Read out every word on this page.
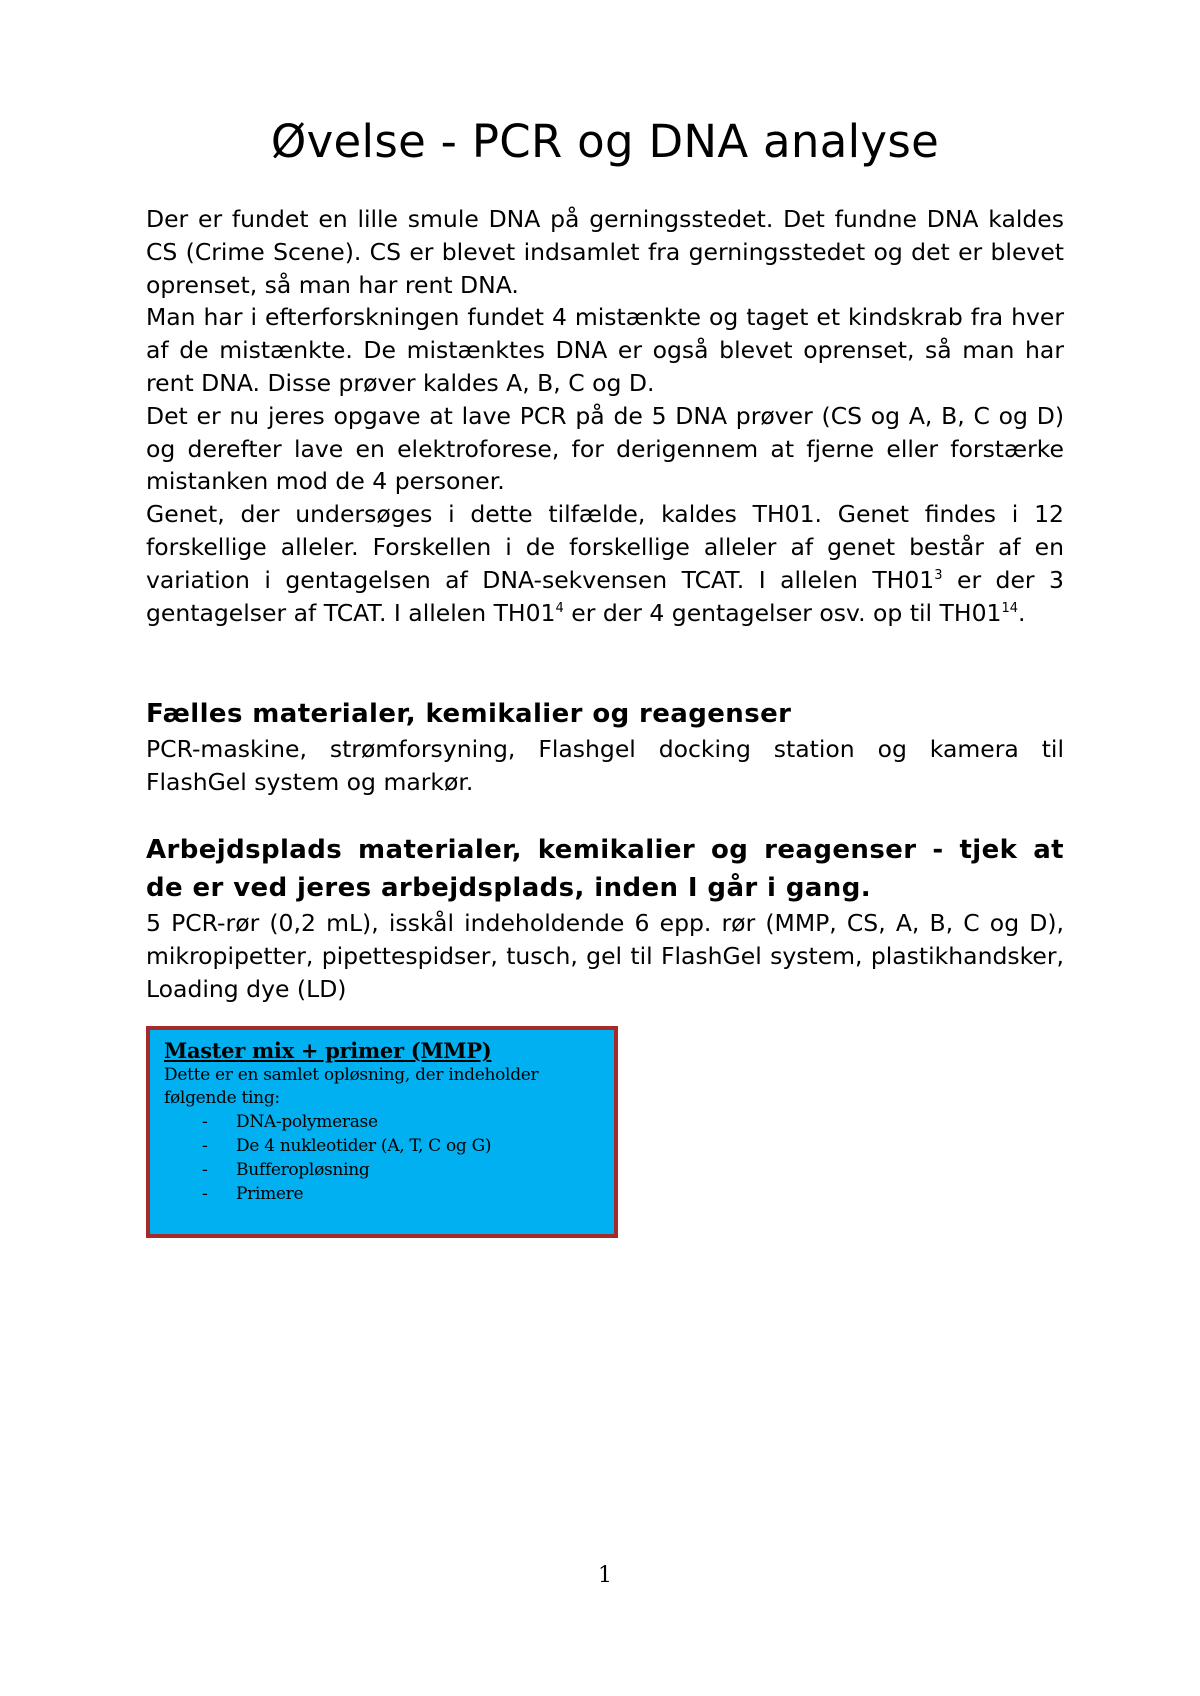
Øvelse - PCR og DNA analyse

Der er fundet en lille smule DNA på gerningsstedet. Det fundne DNA kaldes CS (Crime Scene). CS er blevet indsamlet fra gerningsstedet og det er blevet oprenset, så man har rent DNA.

Man har i efterforskningen fundet 4 mistænkte og taget et kindskrab fra hver af de mistænkte. De mistænktes DNA er også blevet oprenset, så man har rent DNA. Disse prøver kaldes A, B, C og D.

Det er nu jeres opgave at lave PCR på de 5 DNA prøver (CS og A, B, C og D) og derefter lave en elektroforese, for derigennem at fjerne eller forstærke mistanken mod de 4 personer.

Genet, der undersøges i dette tilfælde, kaldes TH01. Genet findes i 12 forskellige alleler. Forskellen i de forskellige alleler af genet består af en variation i gentagelsen af DNA-sekvensen TCAT. I allelen $TH01^3$ er der 3 gentagelser af TCAT. I allelen $TH01^4$ er der 4 gentagelser osv. op til $TH01^{14}$.

Fælles materialer, kemikalier og reagenser

PCR-maskine, strømforsyning, Flashgel docking station og kamera til FlashGel system og markør.

Arbejdsplads materialer, kemikalier og reagenser - tjek at de er ved jeres arbejdsplads, inden I går i gang.

5 PCR-rør (0,2 mL), isskål indeholdende 6 epp. rør (MMP, CS, A, B, C og D), mikropipetter, pipettespidser, tusch, gel til FlashGel system, plastikhandsker, Loading dye (LD)

Master mix + primer (MMP)

Dette er en samlet opløsning, der indeholder følgende ting:

- DNA-polymerase
- De 4 nukleotider (A, T, C og G)
- Bufferopløsning
- Primere
1
